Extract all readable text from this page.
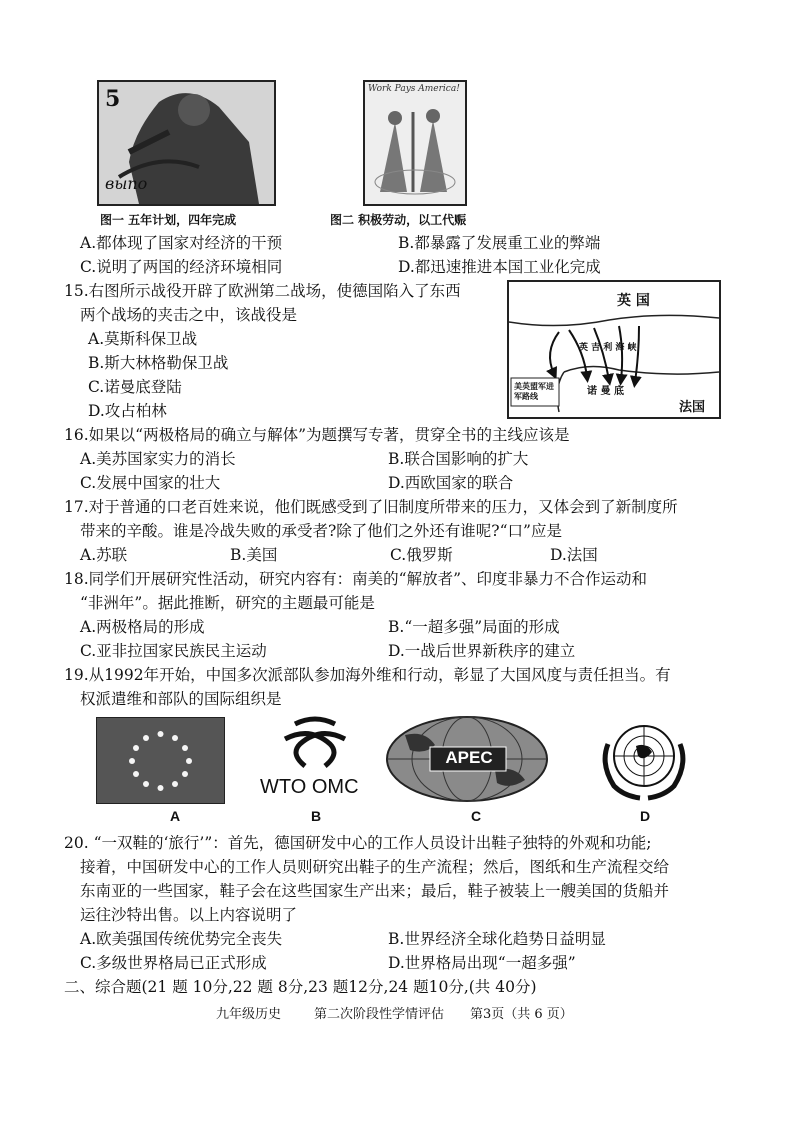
5
выпо
图一 五年计划，四年完成
Work Pays America!
图二 积极劳动，以工代赈
A.都体现了国家对经济的干预	B.都暴露了发展重工业的弊端
C.说明了两国的经济环境相同	D.都迅速推进本国工业化完成
15.右图所示战役开辟了欧洲第二战场，使德国陷入了东西
两个战场的夹击之中，该战役是
A.莫斯科保卫战
B.斯大林格勒保卫战
C.诺曼底登陆
D.攻占柏林
英 国
英 吉 利 海 峡
诺 曼 底
法国
美英盟军进军路线
16.如果以“两极格局的确立与解体”为题撰写专著，贯穿全书的主线应该是
A.美苏国家实力的消长	B.联合国影响的扩大
C.发展中国家的壮大	D.西欧国家的联合
17.对于普通的口老百姓来说，他们既感受到了旧制度所带来的压力，又体会到了新制度所
带来的辛酸。谁是冷战失败的承受者?除了他们之外还有谁呢?“口”应是
A.苏联	B.美国	C.俄罗斯	D.法国
18.同学们开展研究性活动，研究内容有：南美的“解放者”、印度非暴力不合作运动和
“非洲年”。据此推断，研究的主题最可能是
A.两极格局的形成	B.“一超多强”局面的形成
C.亚非拉国家民族民主运动	D.一战后世界新秩序的建立
19.从1992年开始，中国多次派部队参加海外维和行动，彰显了大国风度与责任担当。有
权派遣维和部队的国际组织是
A
WTO OMC
B
APEC
C	D
20. “一双鞋的‘旅行’”：首先，德国研发中心的工作人员设计出鞋子独特的外观和功能;
接着，中国研发中心的工作人员则研究出鞋子的生产流程；然后，图纸和生产流程交给
东南亚的一些国家，鞋子会在这些国家生产出来；最后，鞋子被装上一艘美国的货船并
运往沙特出售。以上内容说明了
A.欧美强国传统优势完全丧失	B.世界经济全球化趋势日益明显
C.多级世界格局已正式形成	D.世界格局出现“一超多强”
二、综合题(21 题 10分,22 题 8分,23 题12分,24 题10分,(共 40分)
九年级历史	第二次阶段性学情评估 第3页（共 6 页）
